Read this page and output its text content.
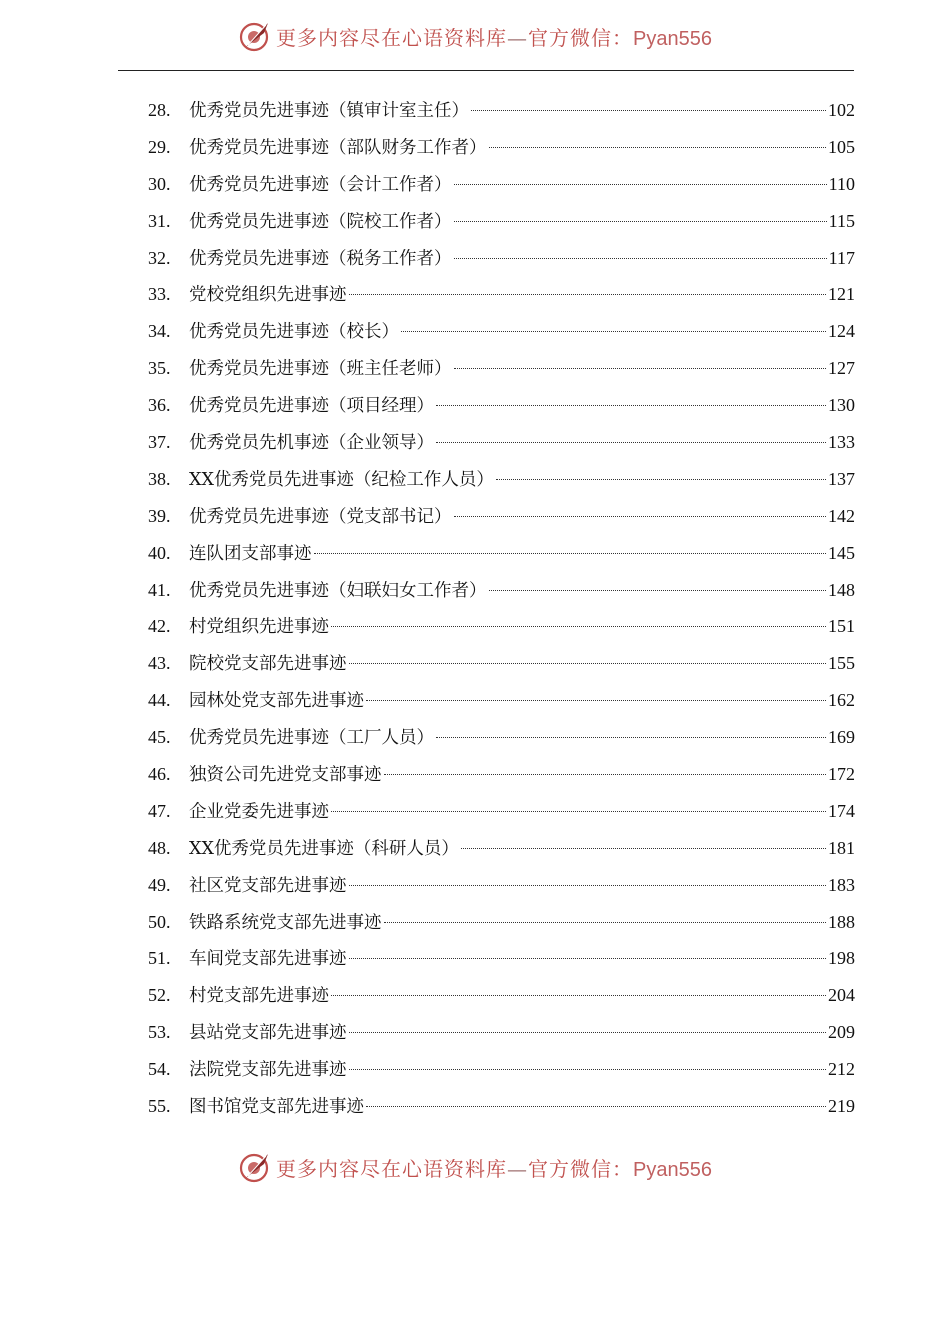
更多内容尽在心语资料库—官方微信：Pyan556
28.	优秀党员先进事迹（镇审计室主任）	102
29.	优秀党员先进事迹（部队财务工作者）	105
30.	优秀党员先进事迹（会计工作者）	110
31.	优秀党员先进事迹（院校工作者）	115
32.	优秀党员先进事迹（税务工作者）	117
33.	党校党组织先进事迹	121
34.	优秀党员先进事迹（校长）	124
35.	优秀党员先进事迹（班主任老师）	127
36.	优秀党员先进事迹（项目经理）	130
37.	优秀党员先机事迹（企业领导）	133
38.	XX优秀党员先进事迹（纪检工作人员）	137
39.	优秀党员先进事迹（党支部书记）	142
40.	连队团支部事迹	145
41.	优秀党员先进事迹（妇联妇女工作者）	148
42.	村党组织先进事迹	151
43.	院校党支部先进事迹	155
44.	园林处党支部先进事迹	162
45.	优秀党员先进事迹（工厂人员）	169
46.	独资公司先进党支部事迹	172
47.	企业党委先进事迹	174
48.	XX优秀党员先进事迹（科研人员）	181
49.	社区党支部先进事迹	183
50.	铁路系统党支部先进事迹	188
51.	车间党支部先进事迹	198
52.	村党支部先进事迹	204
53.	县站党支部先进事迹	209
54.	法院党支部先进事迹	212
55.	图书馆党支部先进事迹	219
更多内容尽在心语资料库—官方微信：Pyan556
